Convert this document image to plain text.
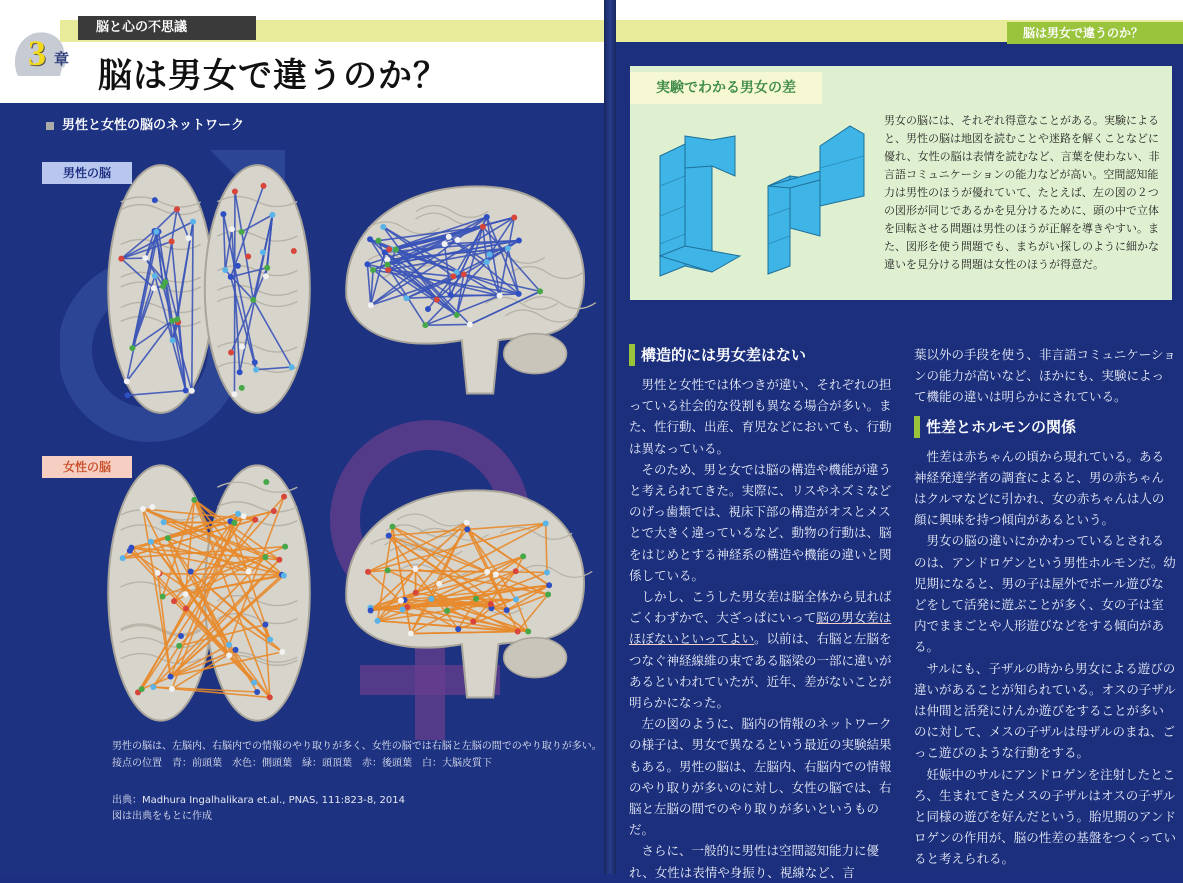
脳と心の不思議	脳は男女で違うのか？
3 章 脳は男女で違うのか？
男性と女性の脳のネットワーク
男性の脳
女性の脳
男性の脳は、左脳内、右脳内での情報のやり取りが多く、女性の脳では右脳と左脳の間でのやり取りが多い。
接点の位置　青：前頭葉　水色：側頭葉　緑：頭頂葉　赤：後頭葉　白：大脳皮質下
出典：Madhura Ingalhalikara et.al., PNAS, 111:823-8, 2014
図は出典をもとに作成
実験でわかる男女の差
男女の脳には、それぞれ得意なことがある。実験によると、男性の脳は地図を読むことや迷路を解くことなどに優れ、女性の脳は表情を読むなど、言葉を使わない、非言語コミュニケーションの能力などが高い。空間認知能力は男性のほうが優れていて、たとえば、左の図の２つの図形が同じであるかを見分けるために、頭の中で立体を回転させる問題は男性のほうが正解を導きやすい。また、図形を使う問題でも、まちがい探しのように細かな違いを見分ける問題は女性のほうが得意だ。
構造的には男女差はない

男性と女性では体つきが違い、それぞれの担っている社会的な役割も異なる場合が多い。また、性行動、出産、育児などにおいても、行動は異なっている。

そのため、男と女では脳の構造や機能が違うと考えられてきた。実際に、リスやネズミなどのげっ歯類では、視床下部の構造がオスとメスとで大きく違っているなど、動物の行動は、脳をはじめとする神経系の構造や機能の違いと関係している。

しかし、こうした男女差は脳全体から見ればごくわずかで、大ざっぱにいって脳の男女差はほぼないといってよい。以前は、右脳と左脳をつなぐ神経線維の束である脳梁の一部に違いがあるといわれていたが、近年、差がないことが明らかになった。

左の図のように、脳内の情報のネットワークの様子は、男女で異なるという最近の実験結果もある。男性の脳は、左脳内、右脳内での情報のやり取りが多いのに対し、女性の脳では、右脳と左脳の間でのやり取りが多いというものだ。

さらに、一般的に男性は空間認知能力に優れ、女性は表情や身振り、視線など、言

葉以外の手段を使う、非言語コミュニケーションの能力が高いなど、ほかにも、実験によって機能の違いは明らかにされている。

性差とホルモンの関係

性差は赤ちゃんの頃から現れている。ある神経発達学者の調査によると、男の赤ちゃんはクルマなどに引かれ、女の赤ちゃんは人の顔に興味を持つ傾向があるという。

男女の脳の違いにかかわっているとされるのは、アンドロゲンという男性ホルモンだ。幼児期になると、男の子は屋外でボール遊びなどをして活発に遊ぶことが多く、女の子は室内でままごとや人形遊びなどをする傾向がある。

サルにも、子ザルの時から男女による遊びの違いがあることが知られている。オスの子ザルは仲間と活発にけんか遊びをすることが多いのに対して、メスの子ザルは母ザルのまね、ごっこ遊びのような行動をする。

妊娠中のサルにアンドロゲンを注射したところ、生まれてきたメスの子ザルはオスの子ザルと同様の遊びを好んだという。胎児期のアンドロゲンの作用が、脳の性差の基盤をつくっていると考えられる。
